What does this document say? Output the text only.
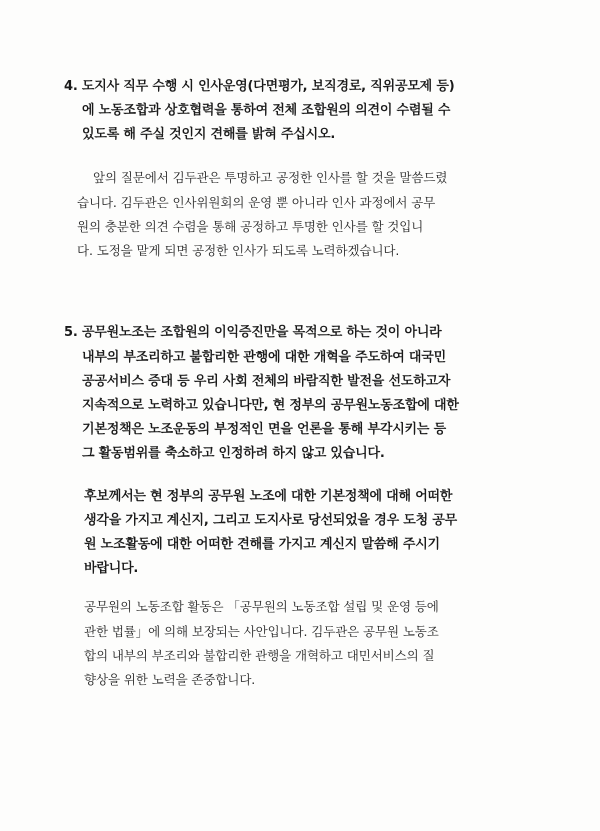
4. 도지사 직무 수행 시 인사운영(다면평가, 보직경로, 직위공모제 등)
에 노동조합과 상호협력을 통하여 전체 조합원의 의견이 수렴될 수
있도록 해 주실 것인지 견해를 밝혀 주십시오.
앞의 질문에서 김두관은 투명하고 공정한 인사를 할 것을 말씀드렸
습니다. 김두관은 인사위원회의 운영 뿐 아니라 인사 과정에서 공무
원의 충분한 의견 수렴을 통해 공정하고 투명한 인사를 할 것입니
다. 도정을 맡게 되면 공정한 인사가 되도록 노력하겠습니다.
5. 공무원노조는 조합원의 이익증진만을 목적으로 하는 것이 아니라
내부의 부조리하고 불합리한 관행에 대한 개혁을 주도하여 대국민
공공서비스 증대 등 우리 사회 전체의 바람직한 발전을 선도하고자
지속적으로 노력하고 있습니다만, 현 정부의 공무원노동조합에 대한
기본정책은 노조운동의 부정적인 면을 언론을 통해 부각시키는 등
그 활동범위를 축소하고 인정하려 하지 않고 있습니다.
후보께서는 현 정부의 공무원 노조에 대한 기본정책에 대해 어떠한
생각을 가지고 계신지, 그리고 도지사로 당선되었을 경우 도청 공무
원 노조활동에 대한 어떠한 견해를 가지고 계신지 말씀해 주시기
바랍니다.
공무원의 노동조합 활동은 「공무원의 노동조합 설립 및 운영 등에
관한 법률」에 의해 보장되는 사안입니다. 김두관은 공무원 노동조
합의 내부의 부조리와 불합리한 관행을 개혁하고 대민서비스의 질
향상을 위한 노력을 존중합니다.
